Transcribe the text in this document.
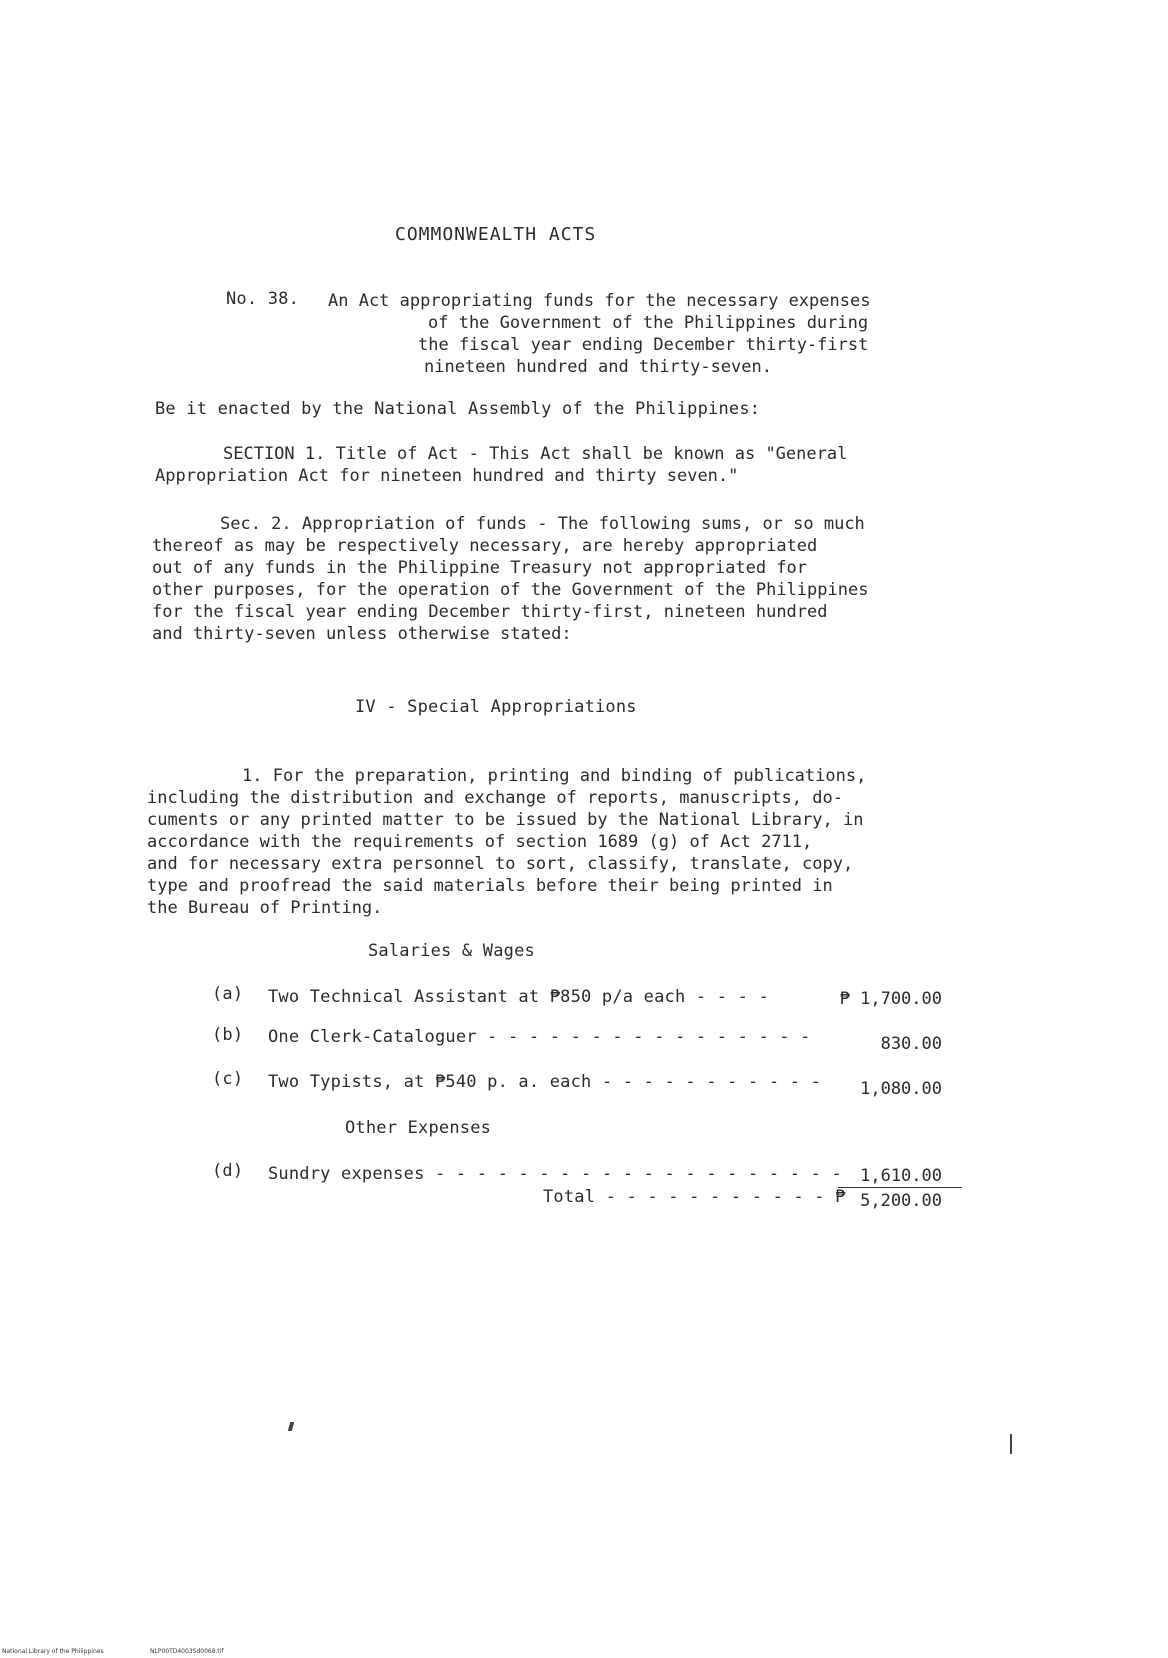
COMMONWEALTH ACTS
No. 38. An Act appropriating funds for the necessary expenses
of the Government of the Philippines during
the fiscal year ending December thirty-first
nineteen hundred and thirty-seven.
Be it enacted by the National Assembly of the Philippines:
SECTION 1. Title of Act - This Act shall be known as "General
Appropriation Act for nineteen hundred and thirty seven."
Sec. 2. Appropriation of funds - The following sums, or so much
thereof as may be respectively necessary, are hereby appropriated
out of any funds in the Philippine Treasury not appropriated for
other purposes, for the operation of the Government of the Philippines
for the fiscal year ending December thirty-first, nineteen hundred
and thirty-seven unless otherwise stated:
IV - Special Appropriations
1. For the preparation, printing and binding of publications,
including the distribution and exchange of reports, manuscripts, do-
cuments or any printed matter to be issued by the National Library, in
accordance with the requirements of section 1689 (g) of Act 2711,
and for necessary extra personnel to sort, classify, translate, copy,
type and proofread the said materials before their being printed in
the Bureau of Printing.
Salaries & Wages
(a) Two Technical Assistant at ₱850 p/a each - - - -	₱ 1,700.00
(b) One Clerk-Cataloguer - - - - - - - - - - - - - - - -	830.00
(c) Two Typists, at ₱540 p. a. each - - - - - - - - - - - 1,080.00
Other Expenses
(d) Sundry expenses - - - - - - - - - - - - - - - - - - - - 1,610.00
Total - - - - - - - - - - - ₱ 5,200.00
National Library of the Philippines	NLP00TD4003Sd0068.tif
